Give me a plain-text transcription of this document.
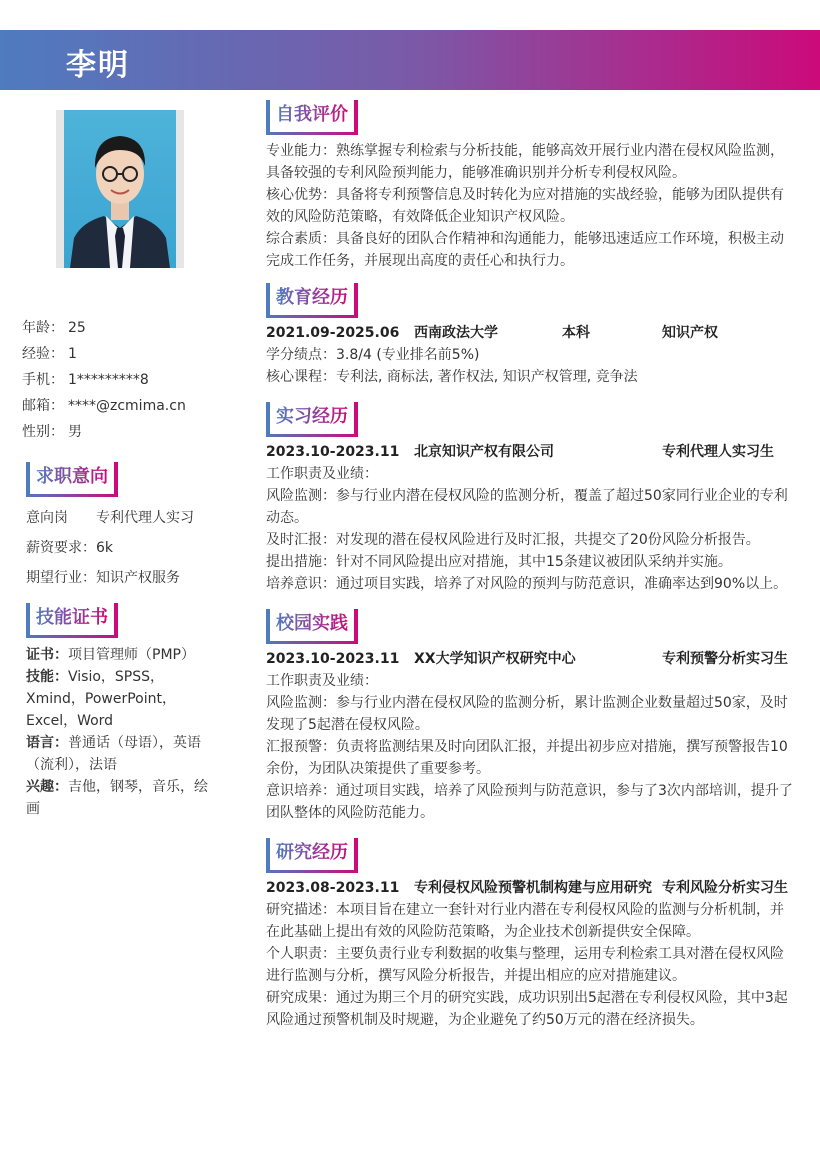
李明
年龄： 25
经验： 1
手机： 1*********8
邮箱： ****@zcmima.cn
性别： 男
求职意向
意向岗	专利代理人实习
薪资要求： 6k
期望行业： 知识产权服务
技能证书
证书：项目管理师（PMP）
技能：Visio，SPSS，Xmind，PowerPoint，Excel，Word
语言：普通话（母语），英语（流利），法语
兴趣：吉他，钢琴，音乐，绘画
自我评价

专业能力：熟练掌握专利检索与分析技能，能够高效开展行业内潜在侵权风险监测，具备较强的专利风险预判能力，能够准确识别并分析专利侵权风险。

核心优势：具备将专利预警信息及时转化为应对措施的实战经验，能够为团队提供有效的风险防范策略，有效降低企业知识产权风险。

综合素质：具备良好的团队合作精神和沟通能力，能够迅速适应工作环境，积极主动完成工作任务，并展现出高度的责任心和执行力。

教育经历
2021.09-2025.06	西南政法大学	本科	知识产权

学分绩点：3.8/4 (专业排名前5%)

核心课程：专利法, 商标法, 著作权法, 知识产权管理, 竞争法

实习经历
2023.10-2023.11	北京知识产权有限公司	专利代理人实习生

工作职责及业绩：

风险监测：参与行业内潜在侵权风险的监测分析，覆盖了超过50家同行业企业的专利动态。

及时汇报：对发现的潜在侵权风险进行及时汇报，共提交了20份风险分析报告。

提出措施：针对不同风险提出应对措施，其中15条建议被团队采纳并实施。

培养意识：通过项目实践，培养了对风险的预判与防范意识，准确率达到90%以上。

校园实践
2023.10-2023.11	XX大学知识产权研究中心	专利预警分析实习生

工作职责及业绩：

风险监测：参与行业内潜在侵权风险的监测分析，累计监测企业数量超过50家，及时发现了5起潜在侵权风险。

汇报预警：负责将监测结果及时向团队汇报，并提出初步应对措施，撰写预警报告10余份，为团队决策提供了重要参考。

意识培养：通过项目实践，培养了风险预判与防范意识，参与了3次内部培训，提升了团队整体的风险防范能力。

研究经历
2023.08-2023.11	专利侵权风险预警机制构建与应用研究 专利风险分析实习生

研究描述：本项目旨在建立一套针对行业内潜在专利侵权风险的监测与分析机制，并在此基础上提出有效的风险防范策略，为企业技术创新提供安全保障。

个人职责：主要负责行业专利数据的收集与整理，运用专利检索工具对潜在侵权风险进行监测与分析，撰写风险分析报告，并提出相应的应对措施建议。

研究成果：通过为期三个月的研究实践，成功识别出5起潜在专利侵权风险，其中3起风险通过预警机制及时规避，为企业避免了约50万元的潜在经济损失。
